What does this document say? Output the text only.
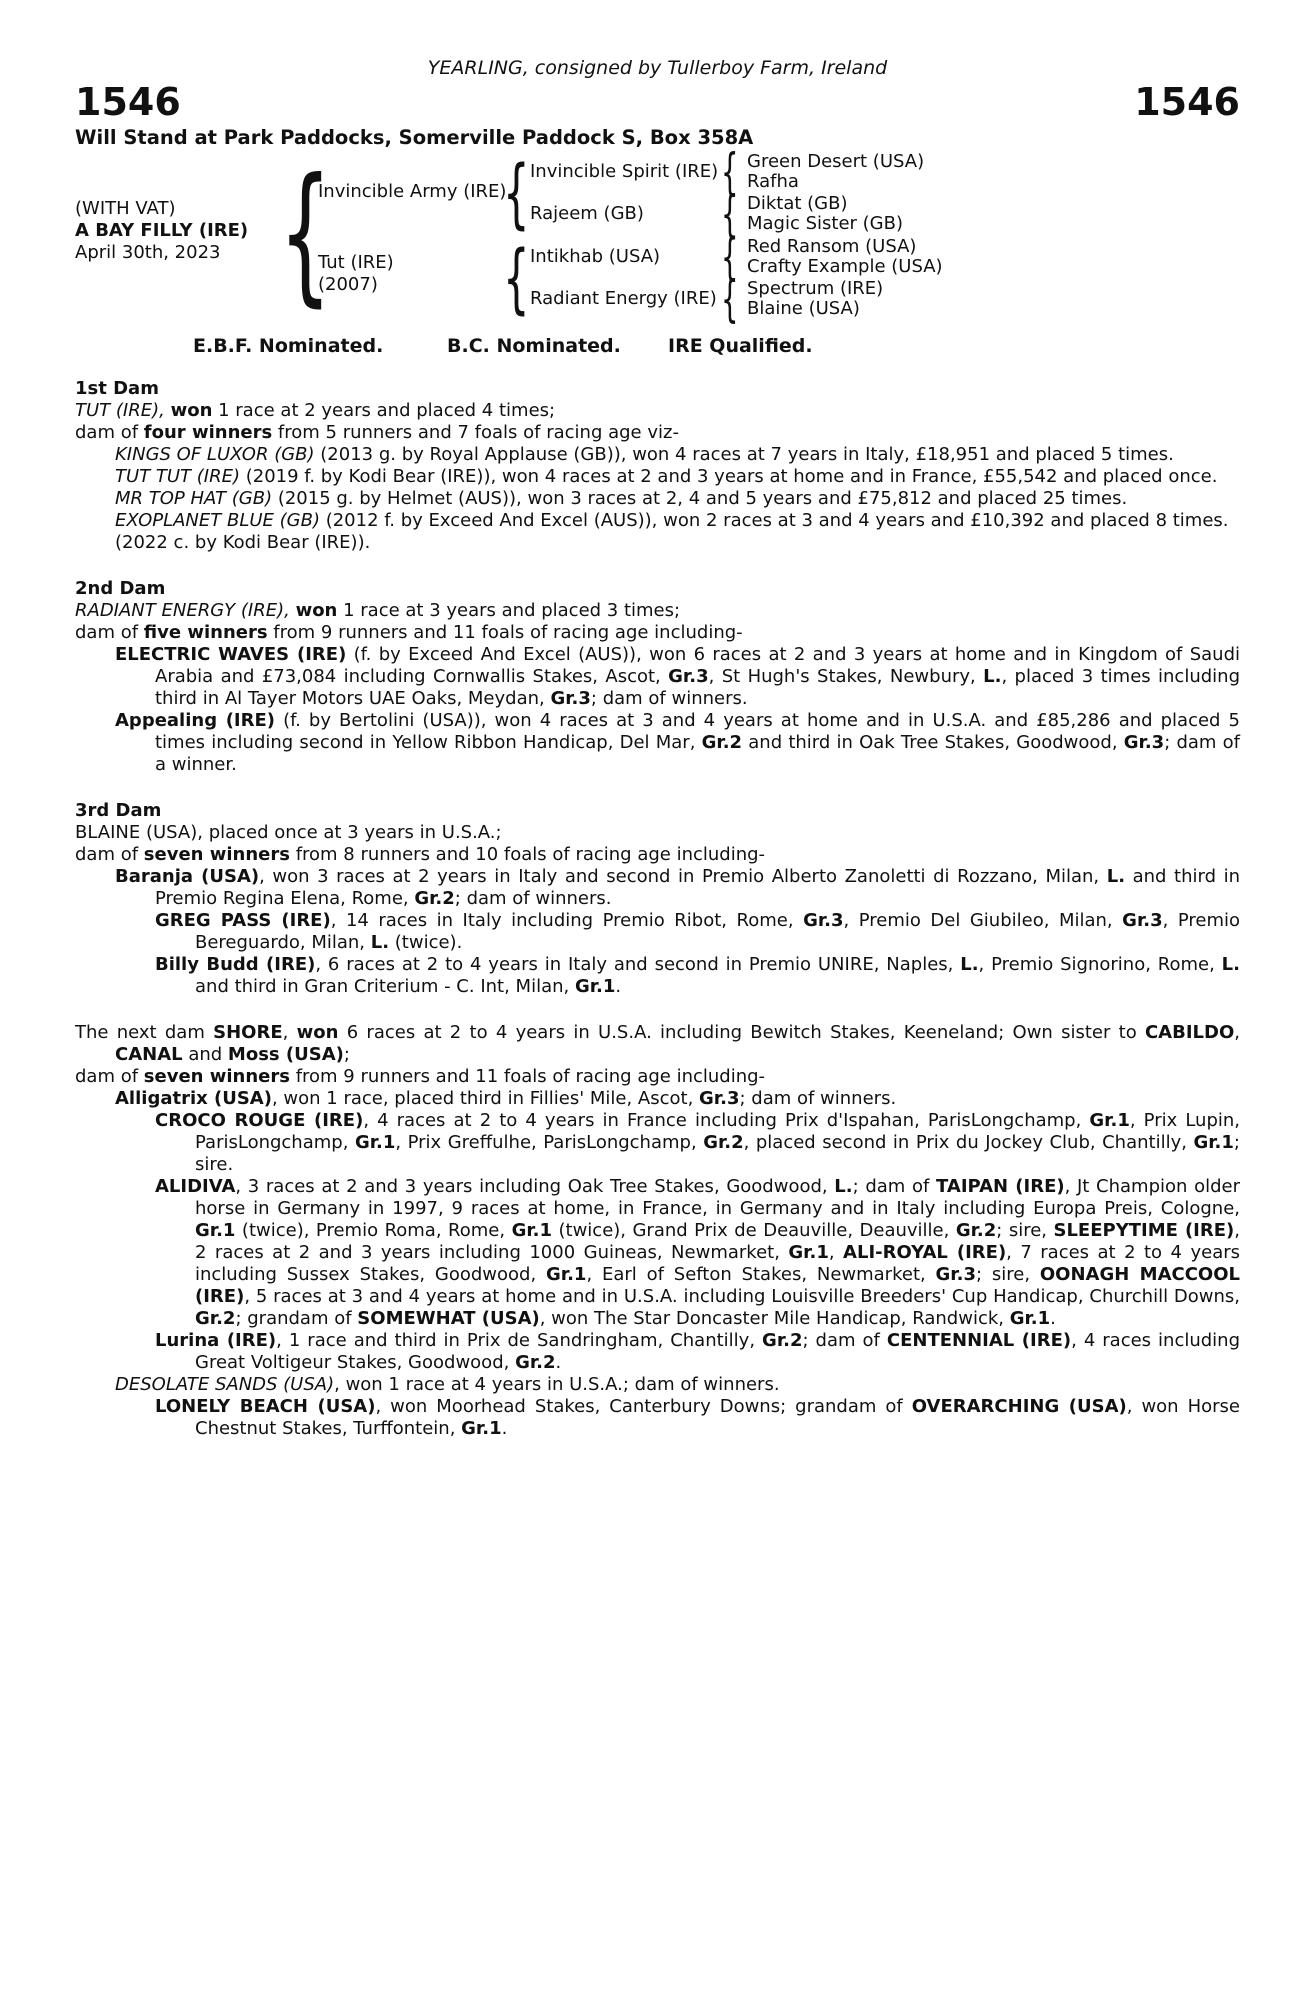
YEARLING, consigned by Tullerboy Farm, Ireland
1546	1546
Will Stand at Park Paddocks, Somerville Paddock S, Box 358A
(WITH VAT)
A BAY FILLY (IRE)
April 30th, 2023 { {
{
{
{
{
{
Invincible Army (IRE)
Tut (IRE)
(2007)
Invincible Spirit (IRE)
Rajeem (GB)
Intikhab (USA)
Radiant Energy (IRE)
Green Desert (USA)
Rafha
Diktat (GB)
Magic Sister (GB)
Red Ransom (USA)
Crafty Example (USA)
Spectrum (IRE)
Blaine (USA)
E.B.F. Nominated.	B.C. Nominated. IRE Qualified.
1st Dam

TUT (IRE), won 1 race at 2 years and placed 4 times;

dam of four winners from 5 runners and 7 foals of racing age viz-

KINGS OF LUXOR (GB) (2013 g. by Royal Applause (GB)), won 4 races at 7 years in Italy, £18,951 and placed 5 times.

TUT TUT (IRE) (2019 f. by Kodi Bear (IRE)), won 4 races at 2 and 3 years at home and in France, £55,542 and placed once.

MR TOP HAT (GB) (2015 g. by Helmet (AUS)), won 3 races at 2, 4 and 5 years and £75,812 and placed 25 times.

EXOPLANET BLUE (GB) (2012 f. by Exceed And Excel (AUS)), won 2 races at 3 and 4 years and £10,392 and placed 8 times.

(2022 c. by Kodi Bear (IRE)).

2nd Dam

RADIANT ENERGY (IRE), won 1 race at 3 years and placed 3 times;

dam of five winners from 9 runners and 11 foals of racing age including-

ELECTRIC WAVES (IRE) (f. by Exceed And Excel (AUS)), won 6 races at 2 and 3 years at home and in Kingdom of Saudi Arabia and £73,084 including Cornwallis Stakes, Ascot, Gr.3, St Hugh's Stakes, Newbury, L., placed 3 times including third in Al Tayer Motors UAE Oaks, Meydan, Gr.3; dam of winners.

Appealing (IRE) (f. by Bertolini (USA)), won 4 races at 3 and 4 years at home and in U.S.A. and £85,286 and placed 5 times including second in Yellow Ribbon Handicap, Del Mar, Gr.2 and third in Oak Tree Stakes, Goodwood, Gr.3; dam of a winner.

3rd Dam

BLAINE (USA), placed once at 3 years in U.S.A.;

dam of seven winners from 8 runners and 10 foals of racing age including-

Baranja (USA), won 3 races at 2 years in Italy and second in Premio Alberto Zanoletti di Rozzano, Milan, L. and third in Premio Regina Elena, Rome, Gr.2; dam of winners.

GREG PASS (IRE), 14 races in Italy including Premio Ribot, Rome, Gr.3, Premio Del Giubileo, Milan, Gr.3, Premio Bereguardo, Milan, L. (twice).

Billy Budd (IRE), 6 races at 2 to 4 years in Italy and second in Premio UNIRE, Naples, L., Premio Signorino, Rome, L. and third in Gran Criterium - C. Int, Milan, Gr.1.

The next dam SHORE, won 6 races at 2 to 4 years in U.S.A. including Bewitch Stakes, Keeneland; Own sister to CABILDO, CANAL and Moss (USA);

dam of seven winners from 9 runners and 11 foals of racing age including-

Alligatrix (USA), won 1 race, placed third in Fillies' Mile, Ascot, Gr.3; dam of winners.

CROCO ROUGE (IRE), 4 races at 2 to 4 years in France including Prix d'Ispahan, ParisLongchamp, Gr.1, Prix Lupin, ParisLongchamp, Gr.1, Prix Greffulhe, ParisLongchamp, Gr.2, placed second in Prix du Jockey Club, Chantilly, Gr.1; sire.

ALIDIVA, 3 races at 2 and 3 years including Oak Tree Stakes, Goodwood, L.; dam of TAIPAN (IRE), Jt Champion older horse in Germany in 1997, 9 races at home, in France, in Germany and in Italy including Europa Preis, Cologne, Gr.1 (twice), Premio Roma, Rome, Gr.1 (twice), Grand Prix de Deauville, Deauville, Gr.2; sire, SLEEPYTIME (IRE), 2 races at 2 and 3 years including 1000 Guineas, Newmarket, Gr.1, ALI-ROYAL (IRE), 7 races at 2 to 4 years including Sussex Stakes, Goodwood, Gr.1, Earl of Sefton Stakes, Newmarket, Gr.3; sire, OONAGH MACCOOL (IRE), 5 races at 3 and 4 years at home and in U.S.A. including Louisville Breeders' Cup Handicap, Churchill Downs, Gr.2; grandam of SOMEWHAT (USA), won The Star Doncaster Mile Handicap, Randwick, Gr.1.

Lurina (IRE), 1 race and third in Prix de Sandringham, Chantilly, Gr.2; dam of CENTENNIAL (IRE), 4 races including Great Voltigeur Stakes, Goodwood, Gr.2.

DESOLATE SANDS (USA), won 1 race at 4 years in U.S.A.; dam of winners.

LONELY BEACH (USA), won Moorhead Stakes, Canterbury Downs; grandam of OVERARCHING (USA), won Horse Chestnut Stakes, Turffontein, Gr.1.
